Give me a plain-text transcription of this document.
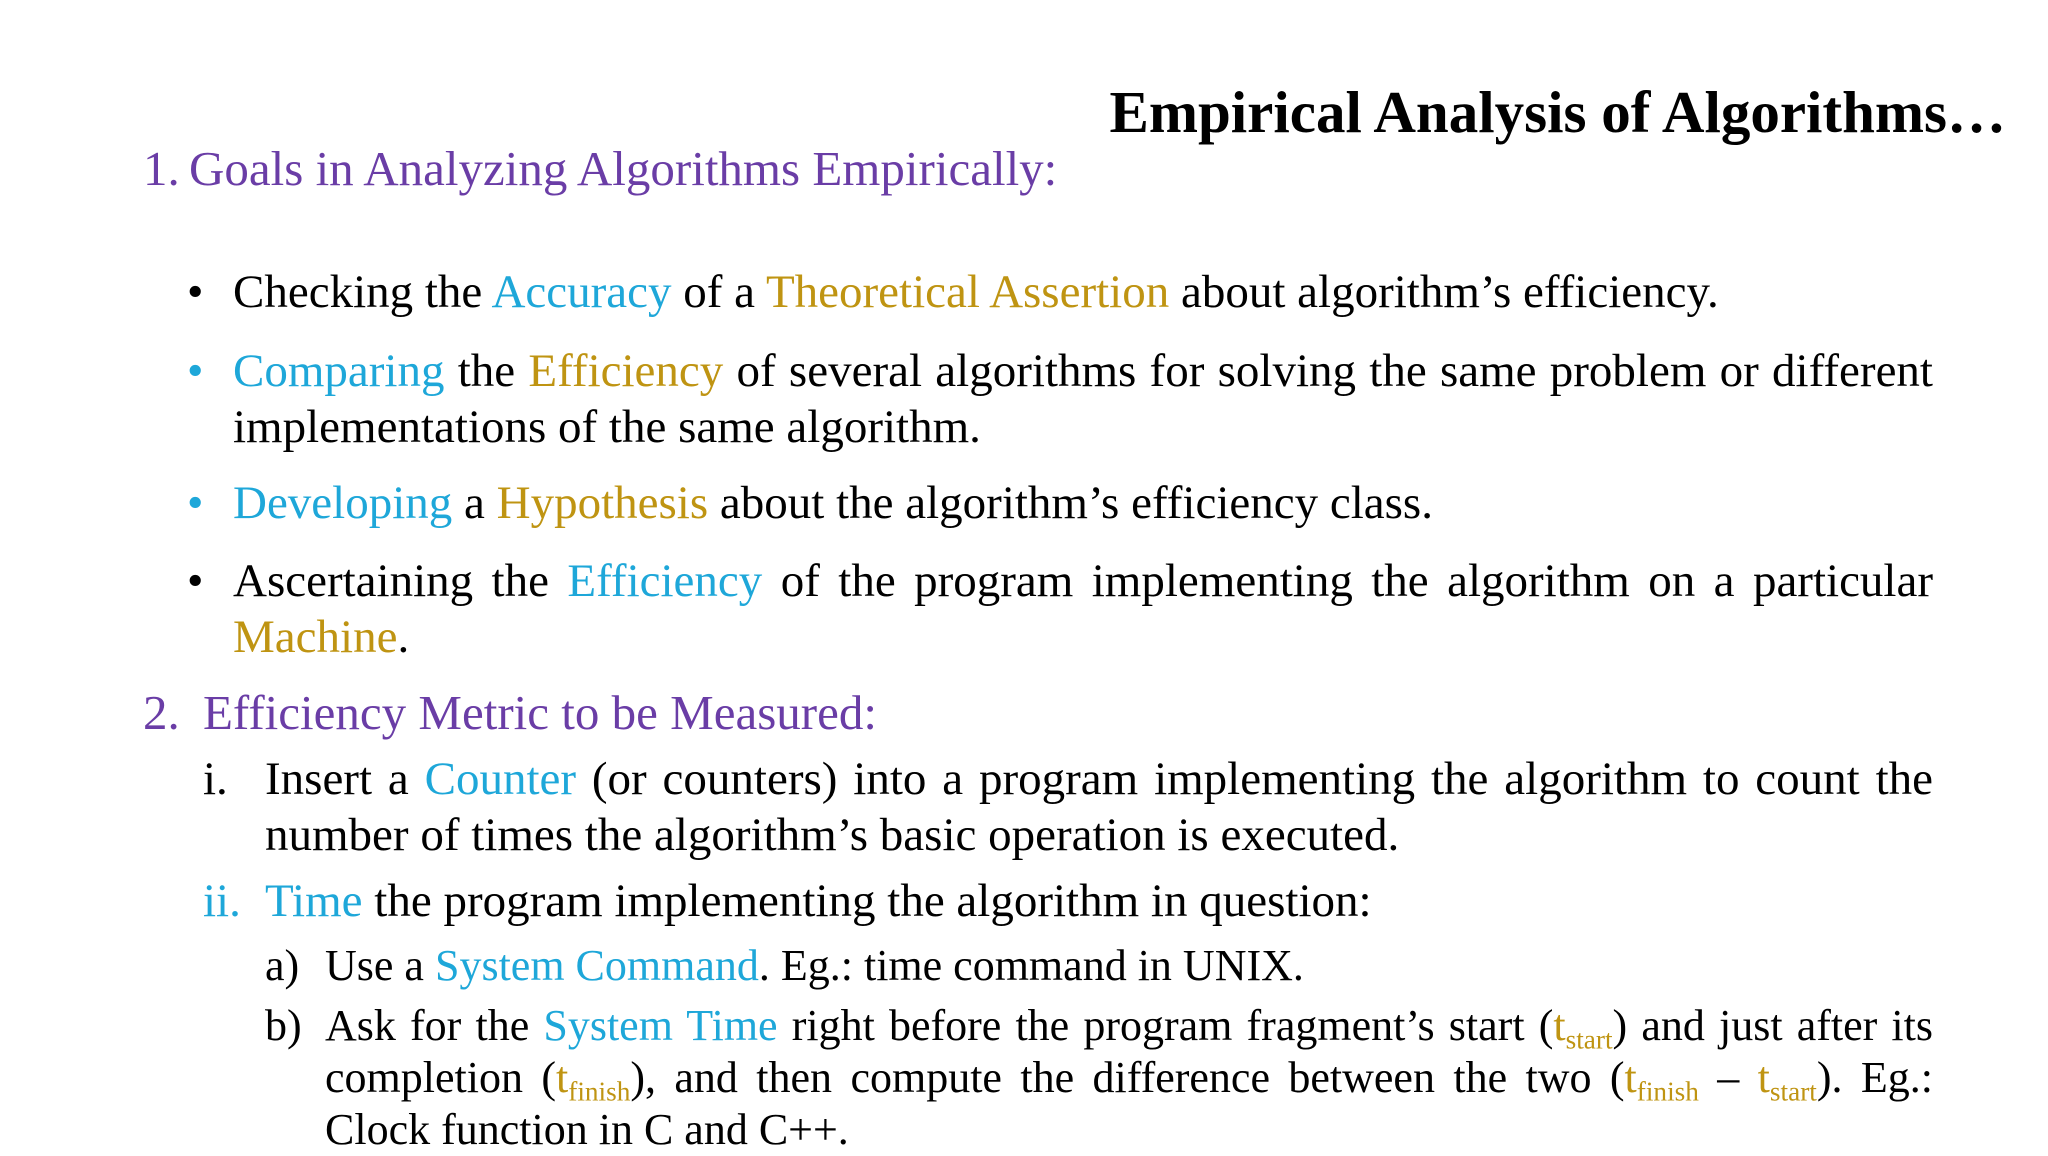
Empirical Analysis of Algorithms…
1. Goals in Analyzing Algorithms Empirically:
• Checking the Accuracy of a Theoretical Assertion about algorithm’s efficiency.
• Comparing the Efficiency of several algorithms for solving the same problem or different implementations of the same algorithm.
• Developing a Hypothesis about the algorithm’s efficiency class.
• Ascertaining the Efficiency of the program implementing the algorithm on a particular Machine.
2. Efficiency Metric to be Measured:
i. Insert a Counter (or counters) into a program implementing the algorithm to count the number of times the algorithm’s basic operation is executed.
ii. Time the program implementing the algorithm in question:
a) Use a System Command. Eg.: time command in UNIX.
b) Ask for the System Time right before the program fragment’s start $(t_{start})$ and just after its completion $(t_{finish})$, and then compute the difference between the two $(t_{finish} - t_{start})$. Eg.: Clock function in C and C++.
